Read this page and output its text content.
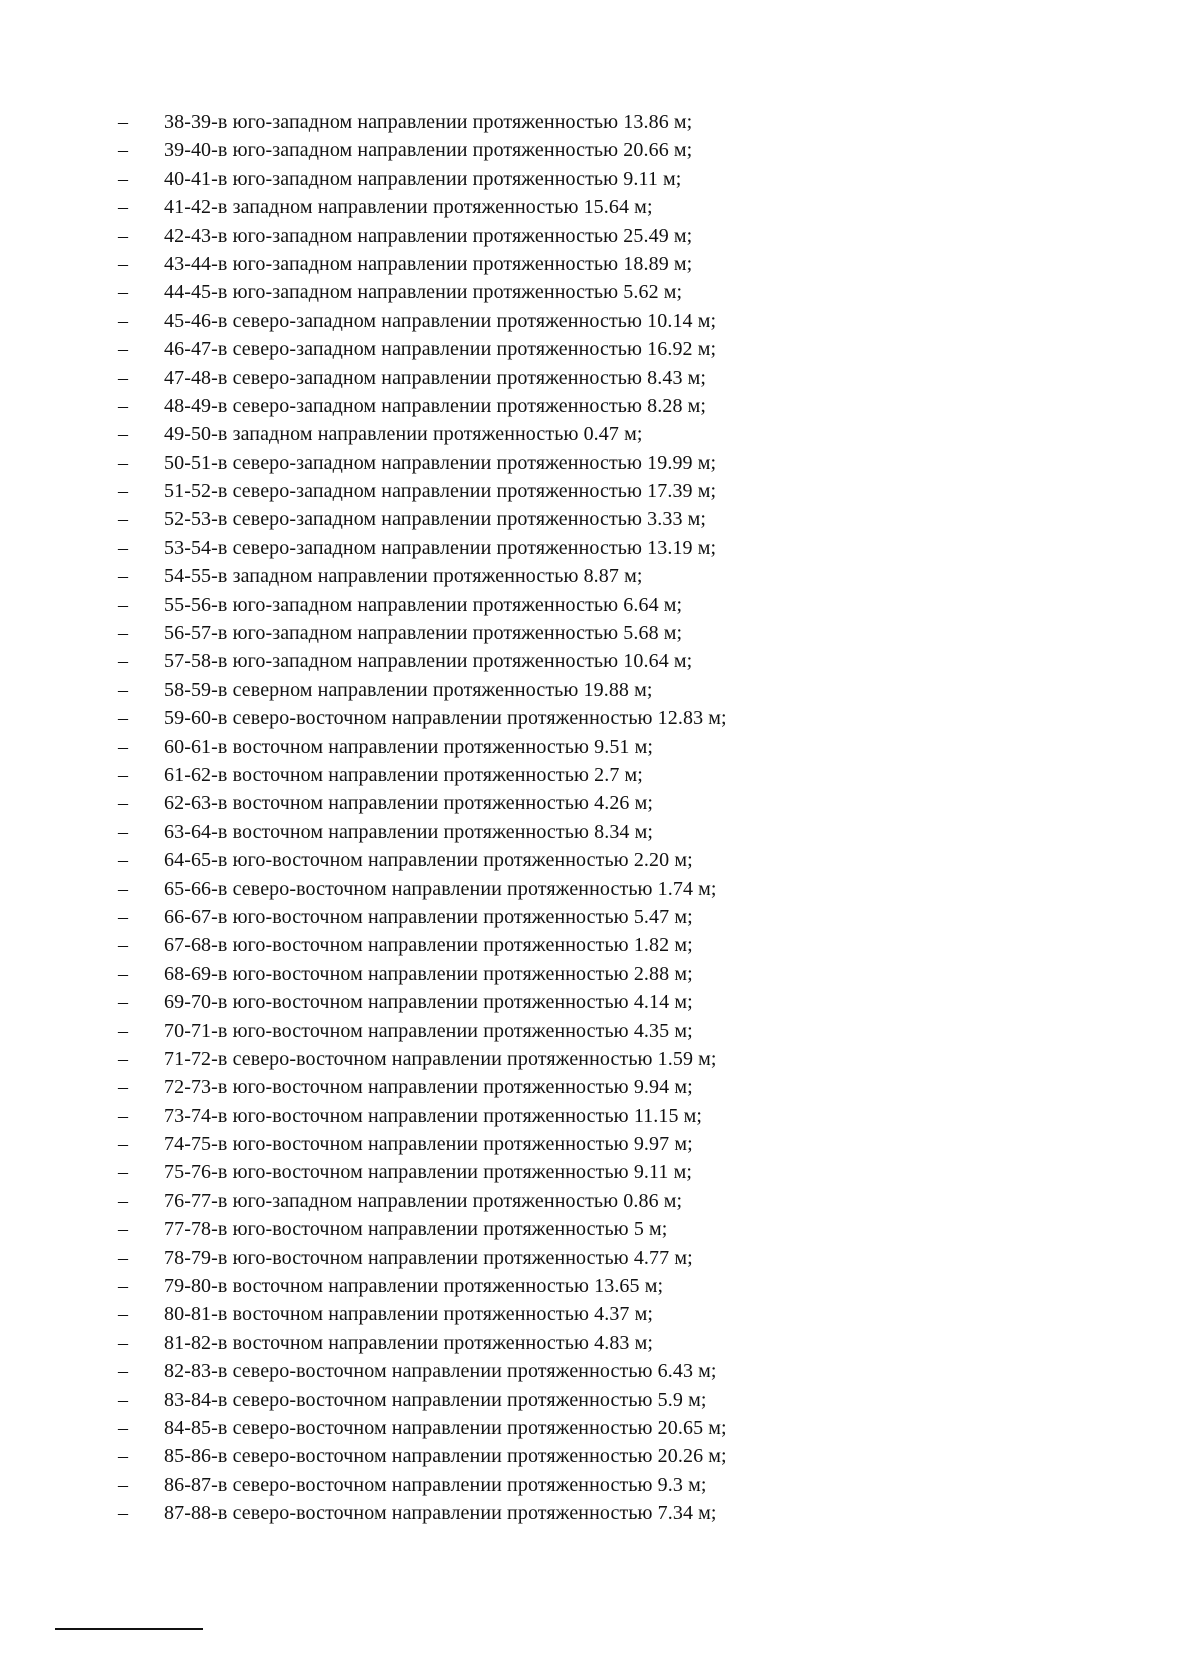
–	38-39-в юго-западном направлении протяженностью 13.86 м;
–	39-40-в юго-западном направлении протяженностью 20.66 м;
–	40-41-в юго-западном направлении протяженностью 9.11 м;
–	41-42-в западном направлении протяженностью 15.64 м;
–	42-43-в юго-западном направлении протяженностью 25.49 м;
–	43-44-в юго-западном направлении протяженностью 18.89 м;
–	44-45-в юго-западном направлении протяженностью 5.62 м;
–	45-46-в северо-западном направлении протяженностью 10.14 м;
–	46-47-в северо-западном направлении протяженностью 16.92 м;
–	47-48-в северо-западном направлении протяженностью 8.43 м;
–	48-49-в северо-западном направлении протяженностью 8.28 м;
–	49-50-в западном направлении протяженностью 0.47 м;
–	50-51-в северо-западном направлении протяженностью 19.99 м;
–	51-52-в северо-западном направлении протяженностью 17.39 м;
–	52-53-в северо-западном направлении протяженностью 3.33 м;
–	53-54-в северо-западном направлении протяженностью 13.19 м;
–	54-55-в западном направлении протяженностью 8.87 м;
–	55-56-в юго-западном направлении протяженностью 6.64 м;
–	56-57-в юго-западном направлении протяженностью 5.68 м;
–	57-58-в юго-западном направлении протяженностью 10.64 м;
–	58-59-в северном направлении протяженностью 19.88 м;
–	59-60-в северо-восточном направлении протяженностью 12.83 м;
–	60-61-в восточном направлении протяженностью 9.51 м;
–	61-62-в восточном направлении протяженностью 2.7 м;
–	62-63-в восточном направлении протяженностью 4.26 м;
–	63-64-в восточном направлении протяженностью 8.34 м;
–	64-65-в юго-восточном направлении протяженностью 2.20 м;
–	65-66-в северо-восточном направлении протяженностью 1.74 м;
–	66-67-в юго-восточном направлении протяженностью 5.47 м;
–	67-68-в юго-восточном направлении протяженностью 1.82 м;
–	68-69-в юго-восточном направлении протяженностью 2.88 м;
–	69-70-в юго-восточном направлении протяженностью 4.14 м;
–	70-71-в юго-восточном направлении протяженностью 4.35 м;
–	71-72-в северо-восточном направлении протяженностью 1.59 м;
–	72-73-в юго-восточном направлении протяженностью 9.94 м;
–	73-74-в юго-восточном направлении протяженностью 11.15 м;
–	74-75-в юго-восточном направлении протяженностью 9.97 м;
–	75-76-в юго-восточном направлении протяженностью 9.11 м;
–	76-77-в юго-западном направлении протяженностью 0.86 м;
–	77-78-в юго-восточном направлении протяженностью 5 м;
–	78-79-в юго-восточном направлении протяженностью 4.77 м;
–	79-80-в восточном направлении протяженностью 13.65 м;
–	80-81-в восточном направлении протяженностью 4.37 м;
–	81-82-в восточном направлении протяженностью 4.83 м;
–	82-83-в северо-восточном направлении протяженностью 6.43 м;
–	83-84-в северо-восточном направлении протяженностью 5.9 м;
–	84-85-в северо-восточном направлении протяженностью 20.65 м;
–	85-86-в северо-восточном направлении протяженностью 20.26 м;
–	86-87-в северо-восточном направлении протяженностью 9.3 м;
–	87-88-в северо-восточном направлении протяженностью 7.34 м;
